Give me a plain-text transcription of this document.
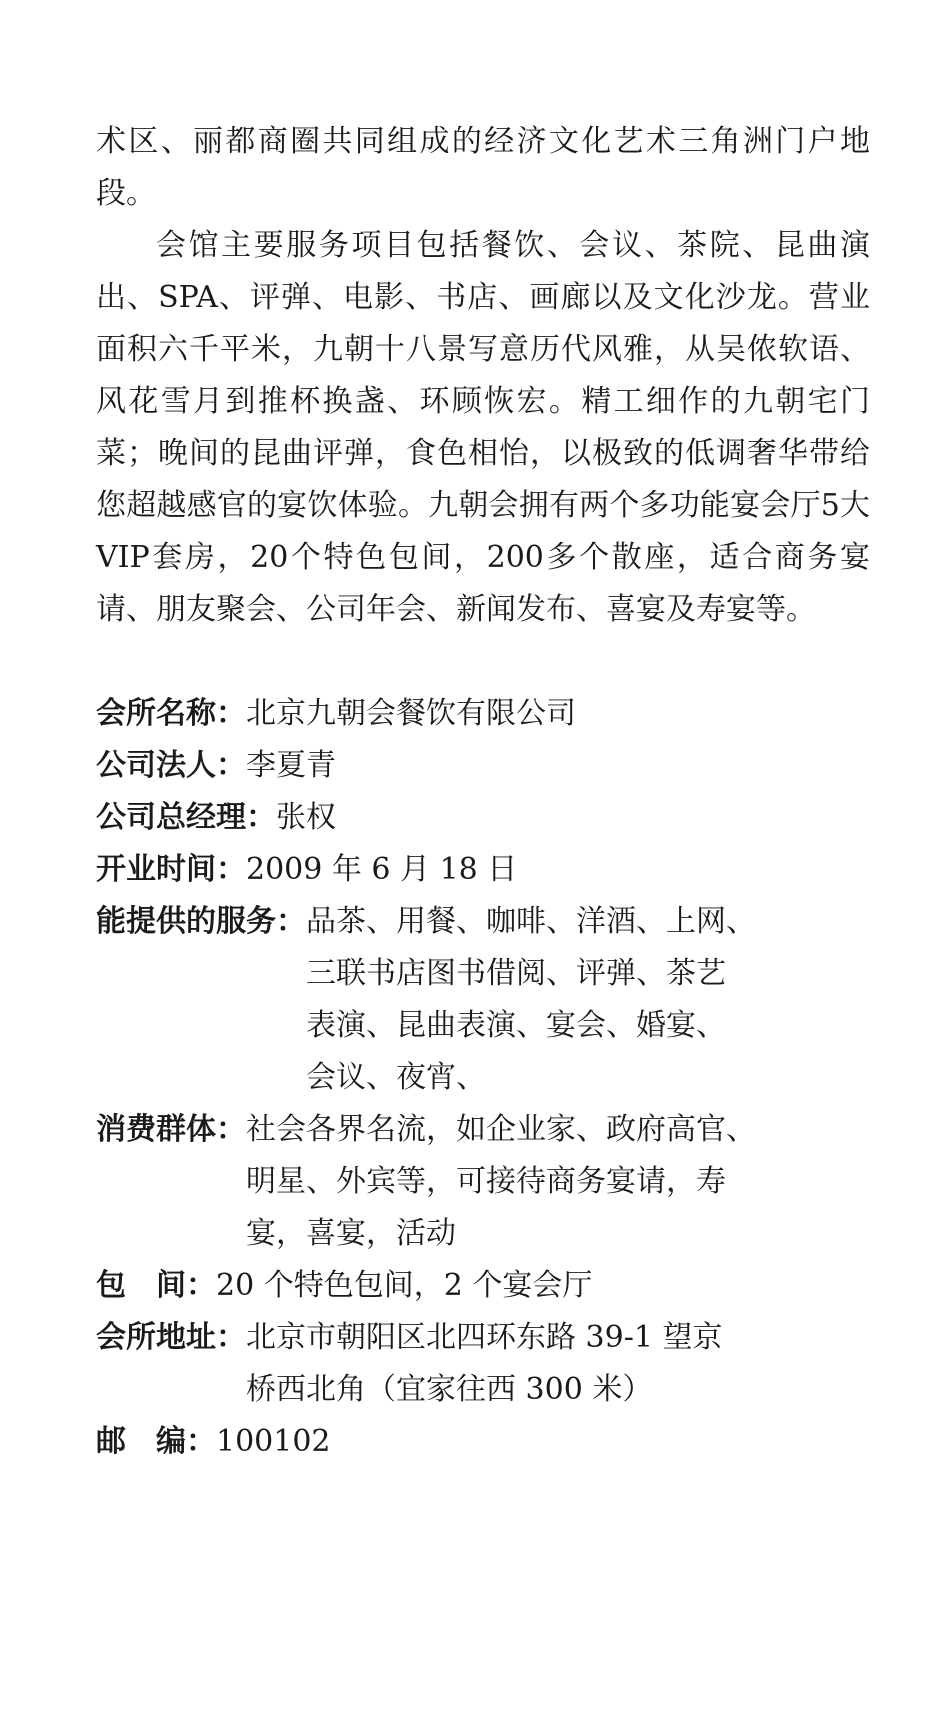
术区、丽都商圈共同组成的经济文化艺术三角洲门户地段。

会馆主要服务项目包括餐饮、会议、茶院、昆曲演出、SPA、评弹、电影、书店、画廊以及文化沙龙。营业面积六千平米，九朝十八景写意历代风雅，从吴侬软语、风花雪月到推杯换盏、环顾恢宏。精工细作的九朝宅门菜；晚间的昆曲评弹，食色相怡，以极致的低调奢华带给您超越感官的宴饮体验。九朝会拥有两个多功能宴会厅5大VIP套房，20个特色包间，200多个散座，适合商务宴请、朋友聚会、公司年会、新闻发布、喜宴及寿宴等。

会所名称： 北京九朝会餐饮有限公司
公司法人： 李夏青
公司总经理： 张权
开业时间： 2009 年 6 月 18 日
能提供的服务： 品茶、用餐、咖啡、洋酒、上网、
三联书店图书借阅、评弹、茶艺
表演、昆曲表演、宴会、婚宴、
会议、夜宵、
消费群体： 社会各界名流，如企业家、政府高官、
明星、外宾等，可接待商务宴请，寿
宴，喜宴，活动
包　间： 20 个特色包间，2 个宴会厅
会所地址： 北京市朝阳区北四环东路 39-1 望京
桥西北角（宜家往西 300 米）
邮　编： 100102
